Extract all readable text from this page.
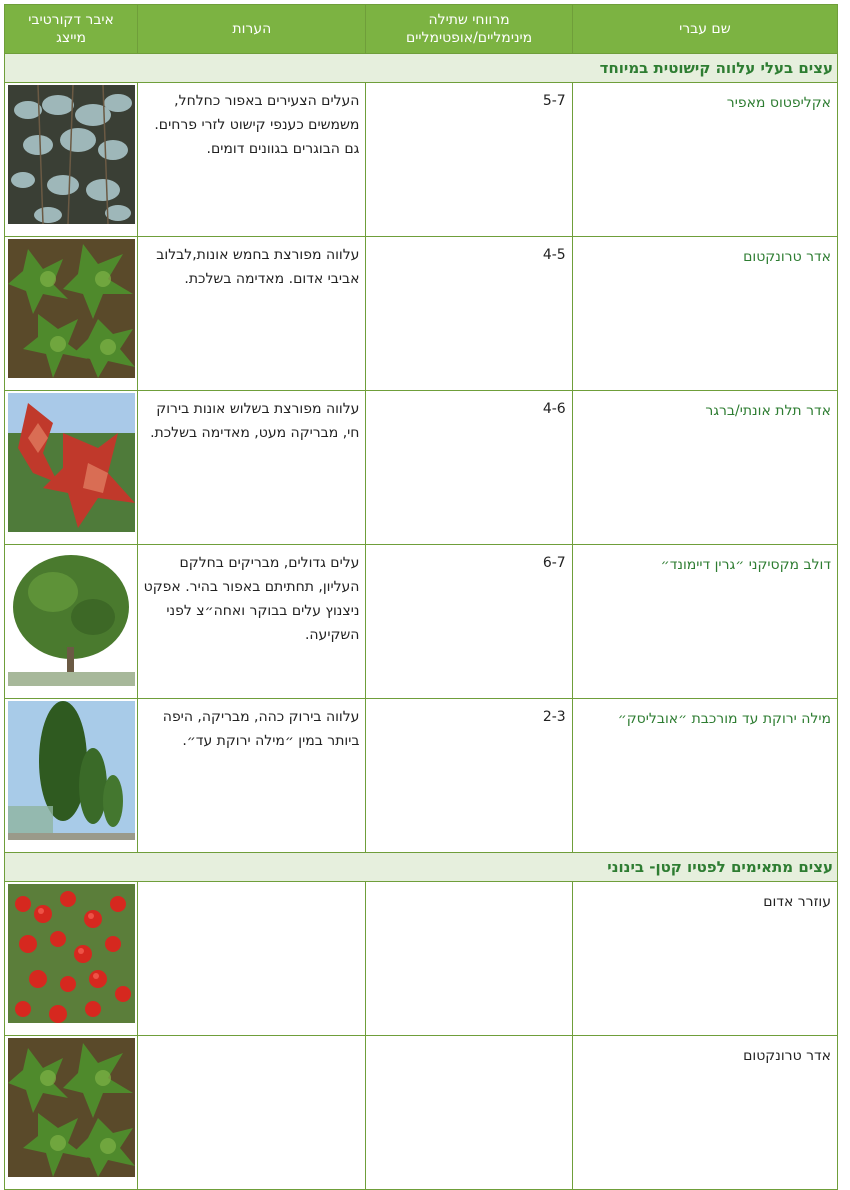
שם עברי	מרווחי שתילה מינימליים/אופטימליים	הערות	איבר דקורטיבי מייצג
עצים בעלי עלווה קישוטית במיוחד			
אקליפטוס מאפיר	5-7	העלים הצעירים באפור כחלחל, משמשים כענפי קישוט לזרי פרחים. גם הבוגרים בגוונים דומים.	

אדר טרונקטום	4-5	עלווה מפורצת בחמש אונות,לבלוב אביבי אדום. מאדימה בשלכת.	

אדר תלת אונתי/ברגר	4-6	עלווה מפורצת בשלוש אונות בירוק חי, מבריקה מעט, מאדימה בשלכת.	

דולב מקסיקני ״גרין דיימונד״	6-7	עלים גדולים, מבריקים בחלקם העליון, תחתיתם באפור בהיר. אפקט ניצנוץ עלים בבוקר ואחה״צ לפני השקיעה.	

מילה ירוקת עד מורכבת ״אובליסק״	2-3	עלווה בירוק כהה, מבריקה, היפה ביותר במין ״מילה ירוקת עד״.	

עצים מתאימים לפטיו קטן- בינוני			
עוזרר אדום			

אדר טרונקטום			
